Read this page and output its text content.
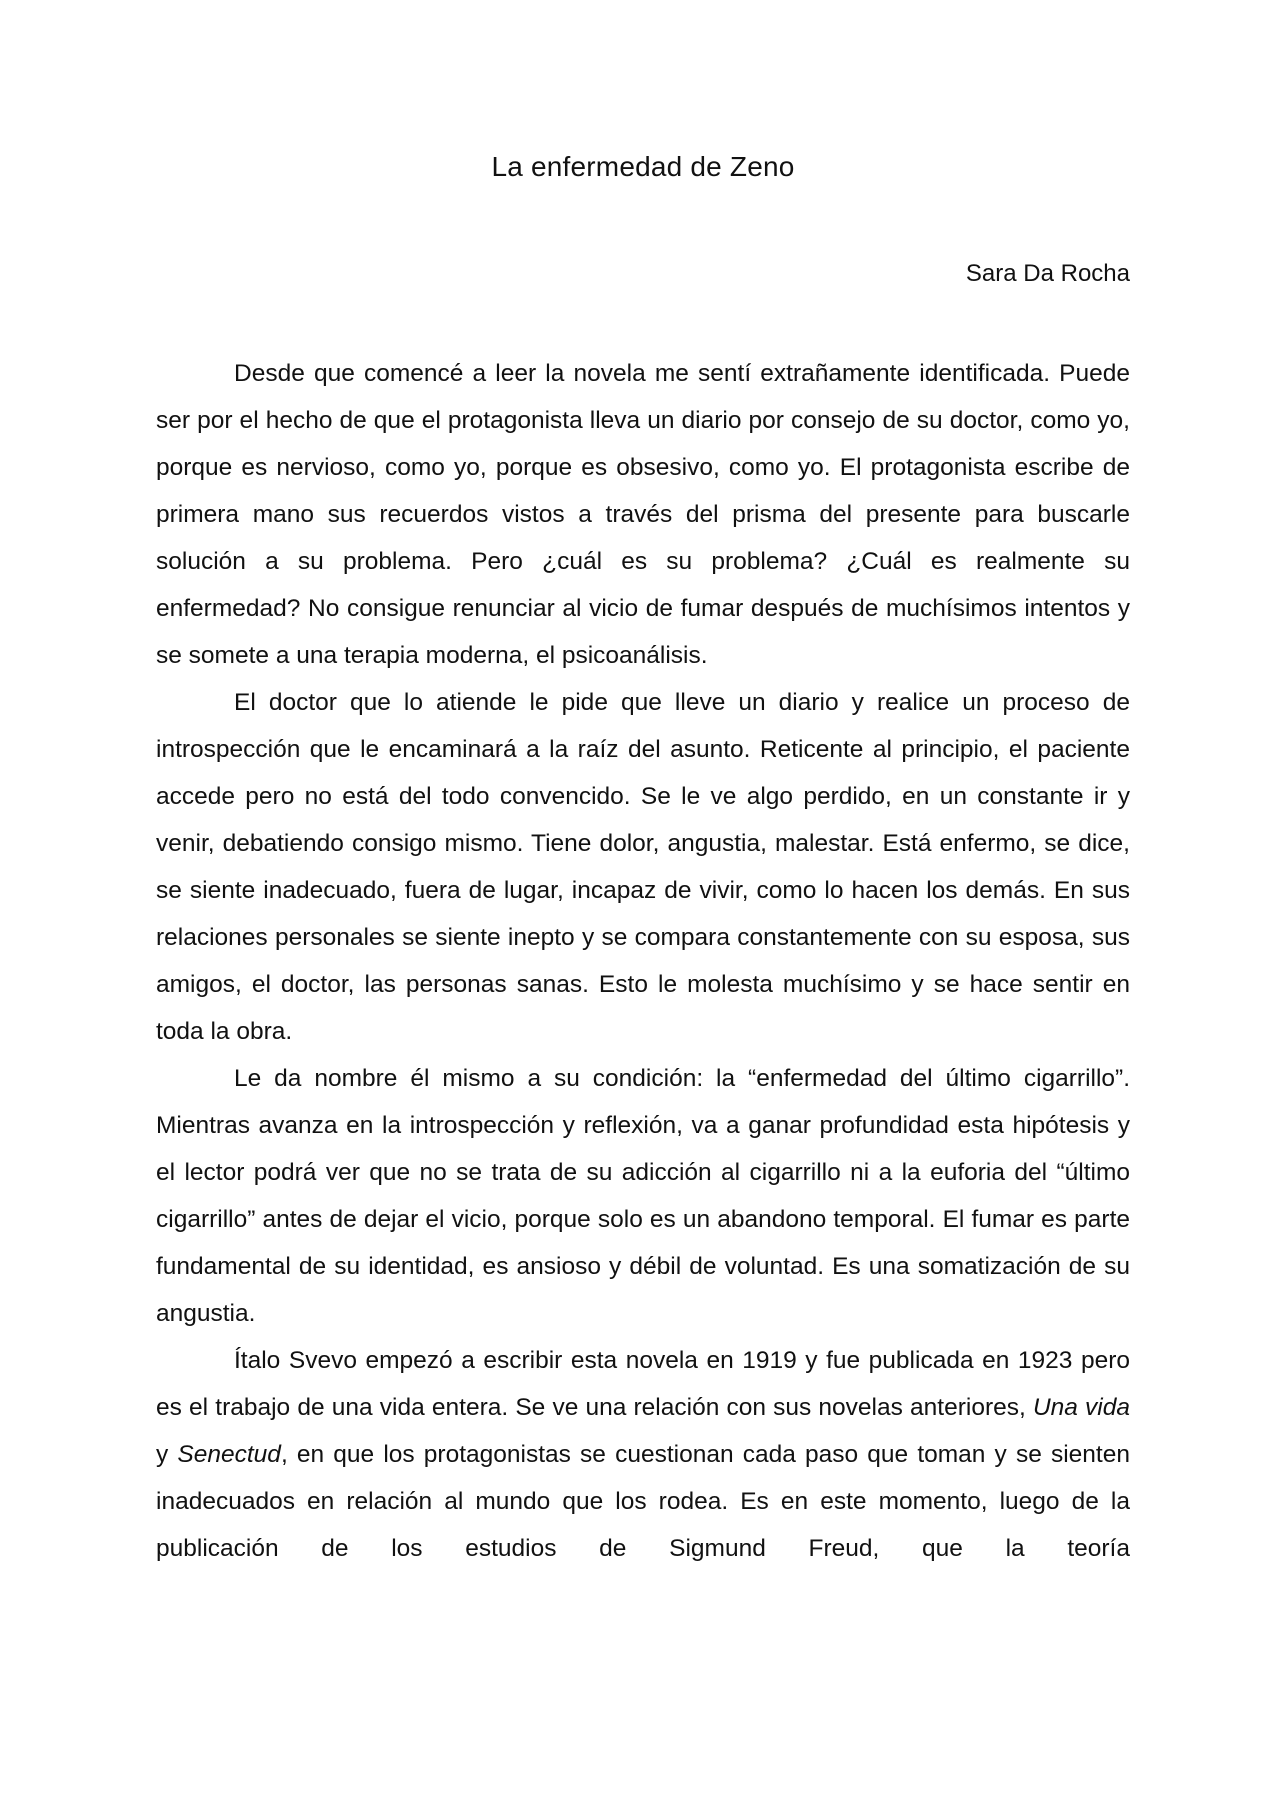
La enfermedad de Zeno

Sara Da Rocha

Desde que comencé a leer la novela me sentí extrañamente identificada. Puede ser por el hecho de que el protagonista lleva un diario por consejo de su doctor, como yo, porque es nervioso, como yo, porque es obsesivo, como yo. El protagonista escribe de primera mano sus recuerdos vistos a través del prisma del presente para buscarle solución a su problema. Pero ¿cuál es su problema? ¿Cuál es realmente su enfermedad? No consigue renunciar al vicio de fumar después de muchísimos intentos y se somete a una terapia moderna, el psicoanálisis.

El doctor que lo atiende le pide que lleve un diario y realice un proceso de introspección que le encaminará a la raíz del asunto. Reticente al principio, el paciente accede pero no está del todo convencido. Se le ve algo perdido, en un constante ir y venir, debatiendo consigo mismo. Tiene dolor, angustia, malestar. Está enfermo, se dice, se siente inadecuado, fuera de lugar, incapaz de vivir, como lo hacen los demás. En sus relaciones personales se siente inepto y se compara constantemente con su esposa, sus amigos, el doctor, las personas sanas. Esto le molesta muchísimo y se hace sentir en toda la obra.

Le da nombre él mismo a su condición: la “enfermedad del último cigarrillo”. Mientras avanza en la introspección y reflexión, va a ganar profundidad esta hipótesis y el lector podrá ver que no se trata de su adicción al cigarrillo ni a la euforia del “último cigarrillo” antes de dejar el vicio, porque solo es un abandono temporal. El fumar es parte fundamental de su identidad, es ansioso y débil de voluntad. Es una somatización de su angustia.

Ítalo Svevo empezó a escribir esta novela en 1919 y fue publicada en 1923 pero es el trabajo de una vida entera. Se ve una relación con sus novelas anteriores, Una vida y Senectud, en que los protagonistas se cuestionan cada paso que toman y se sienten inadecuados en relación al mundo que los rodea. Es en este momento, luego de la publicación de los estudios de Sigmund Freud, que la teoría
